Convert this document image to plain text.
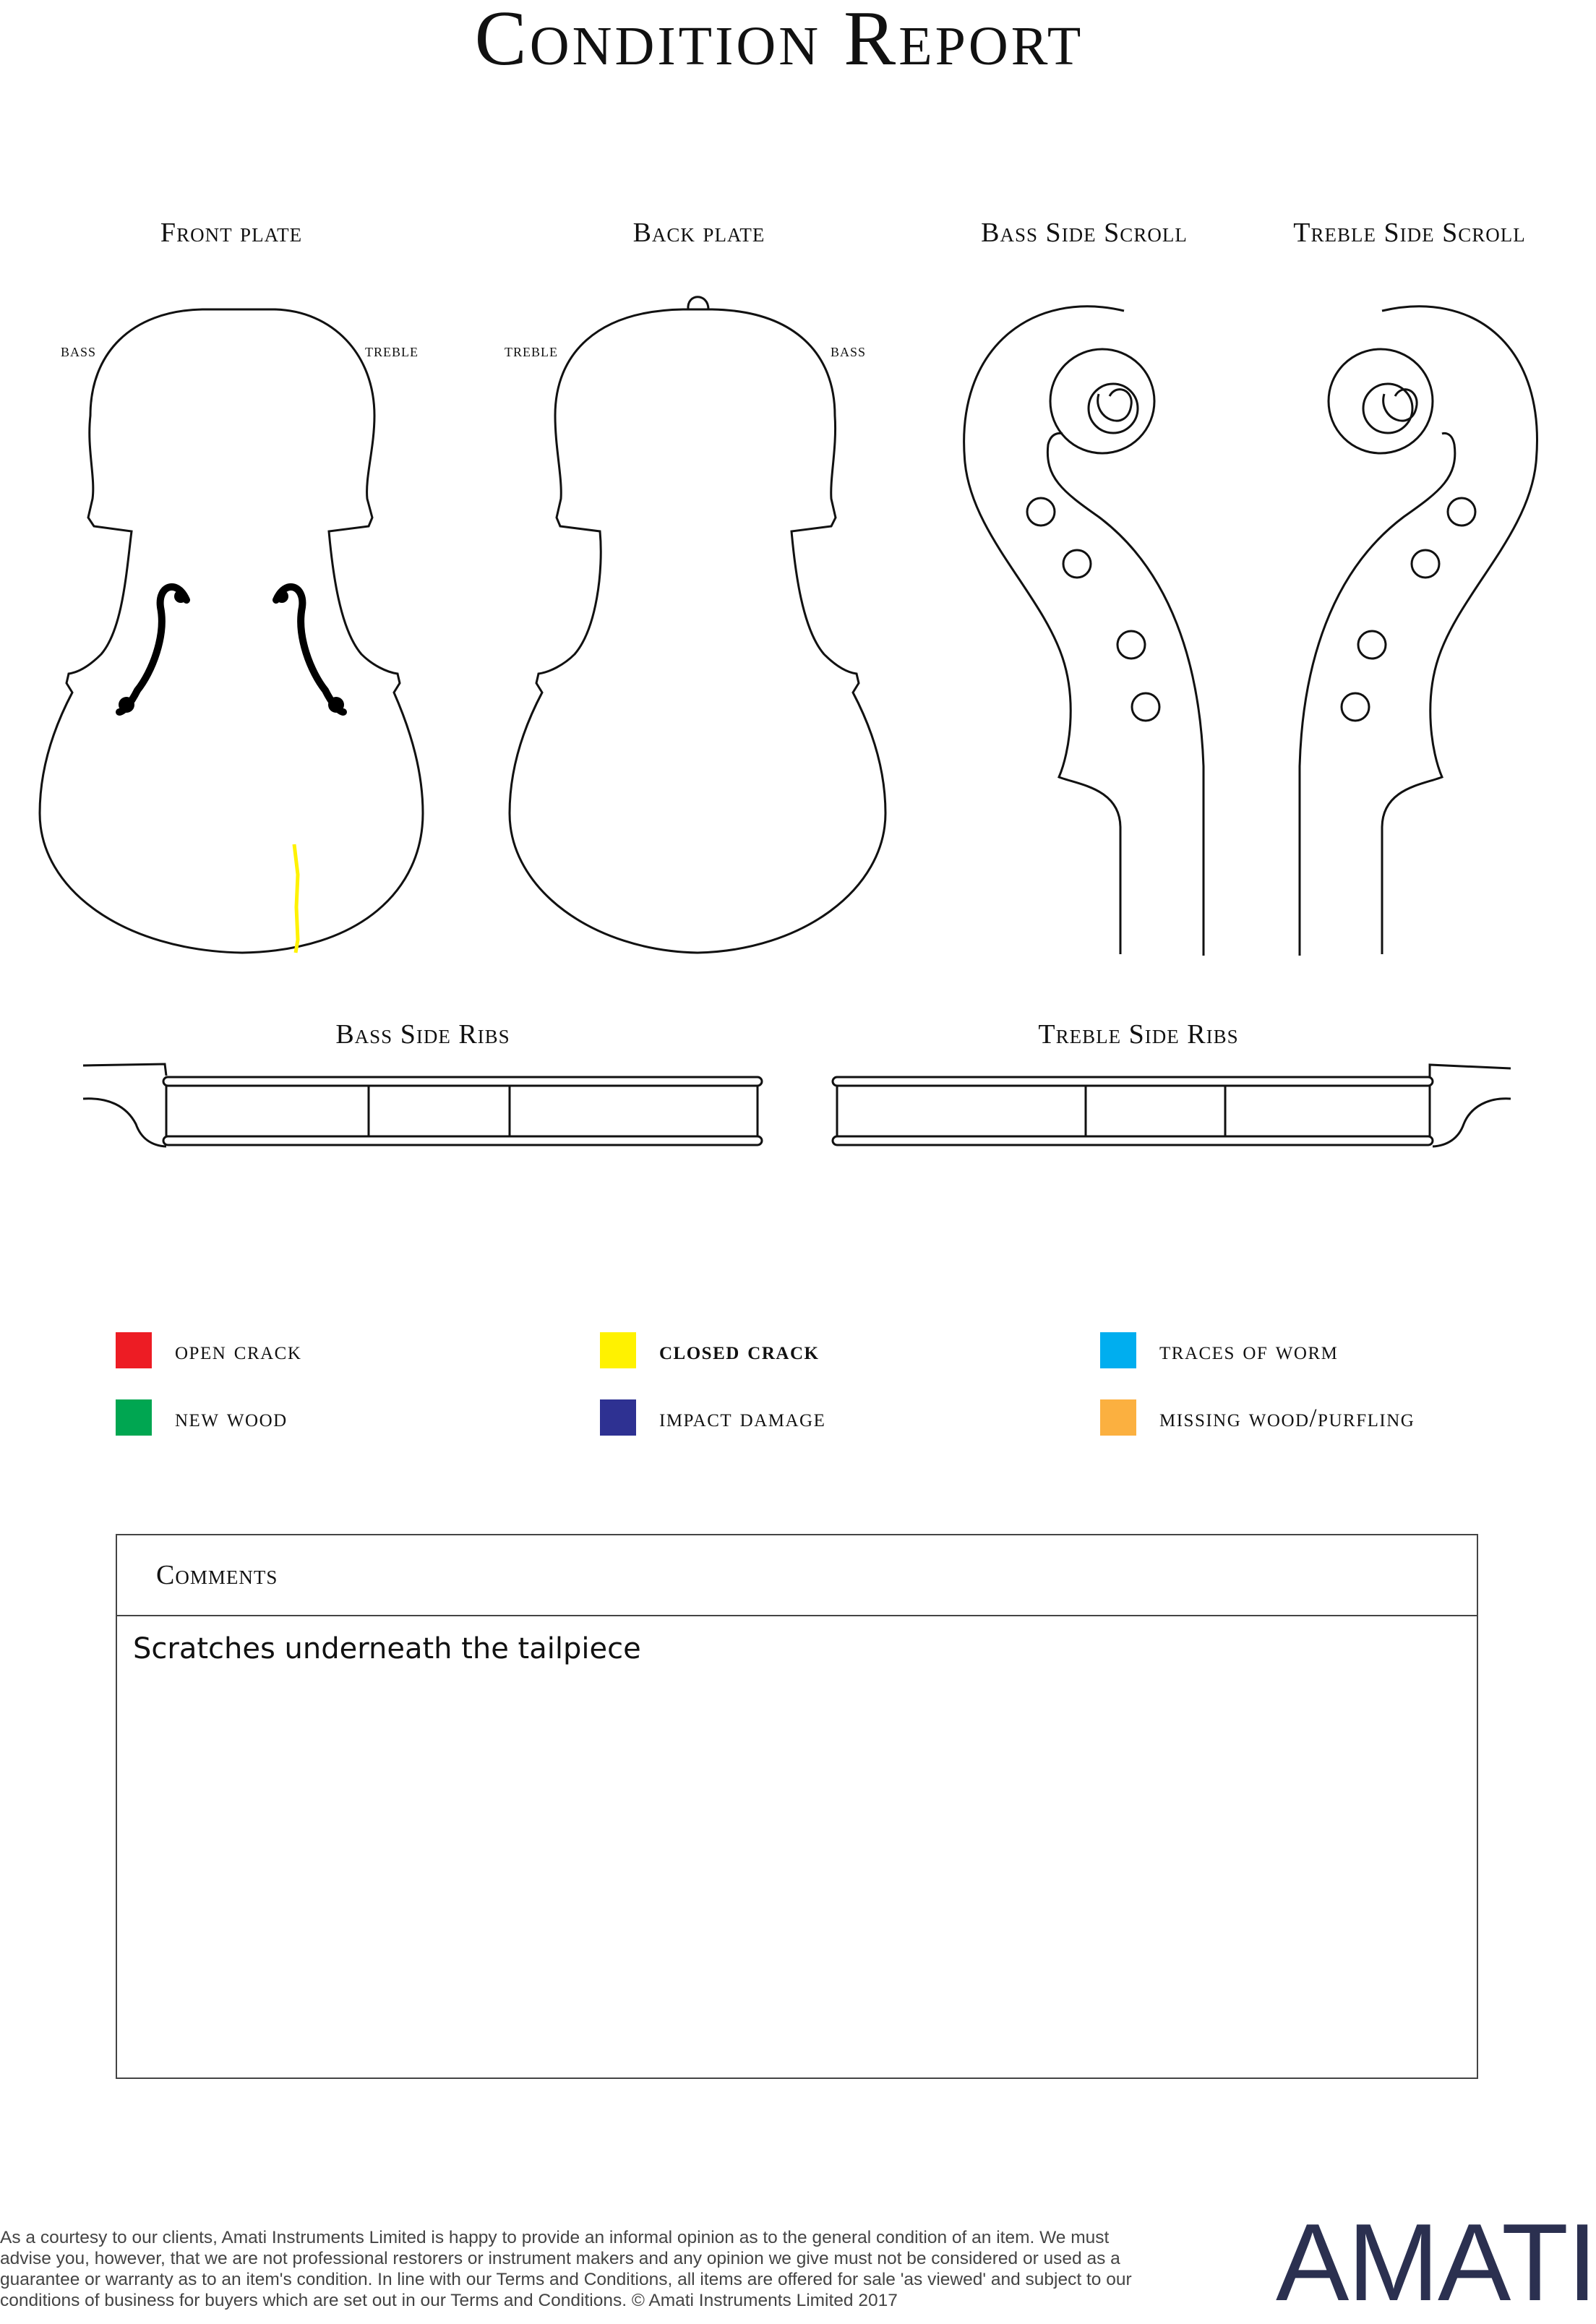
Condition Report
Front plate	Back plate	Bass Side Scroll	Treble Side Scroll
Bass Side Ribs	Treble Side Ribs
bass	treble	treble	bass
open crack	closed crack	traces of worm
new wood	impact damage	missing wood/purfling
Comments
Scratches underneath the tailpiece
As a courtesy to our clients, Amati Instruments Limited is happy to provide an informal opinion as to the general condition of an item. We must advise you, however, that we are not professional restorers or instrument makers and any opinion we give must not be considered or used as a guarantee or warranty as to an item's condition. In line with our Terms and Conditions, all items are offered for sale 'as viewed' and subject to our conditions of business for buyers which are set out in our Terms and Conditions. © Amati Instruments Limited 2017	AMATI
